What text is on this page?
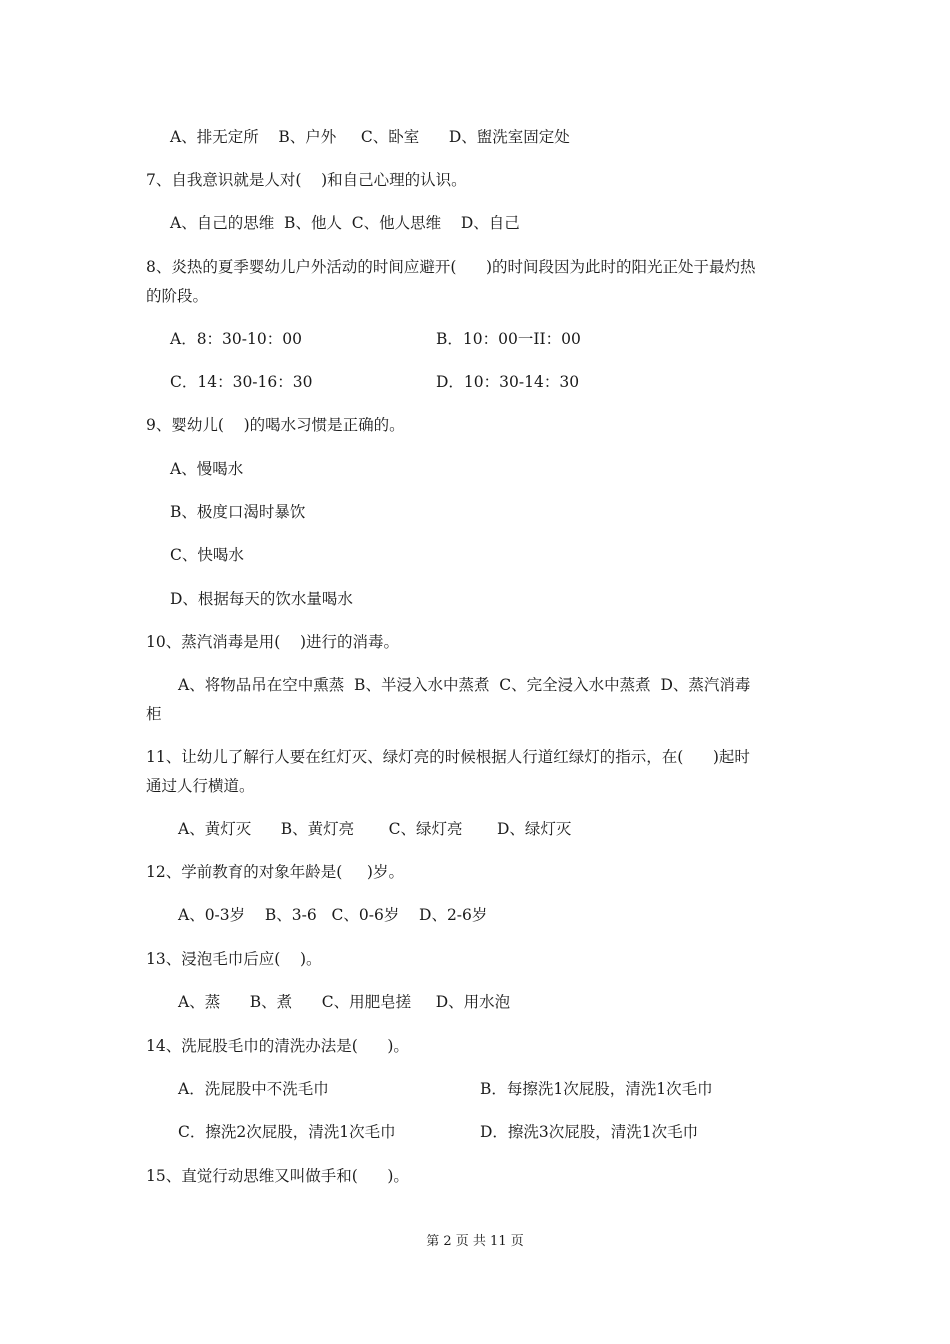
A、排无定所    B、户外     C、卧室      D、盥洗室固定处
7、自我意识就是人对(    )和自己心理的认识。
A、自己的思维  B、他人  C、他人思维    D、自己
8、炎热的夏季婴幼儿户外活动的时间应避开(      )的时间段因为此时的阳光正处于最灼热
的阶段。
A．8：30-10：00	B．10：00一II：00
C．14：30-16：30	D．10：30-14：30
9、婴幼儿(    )的喝水习惯是正确的。
A、慢喝水
B、极度口渴时暴饮
C、快喝水
D、根据每天的饮水量喝水
10、蒸汽消毒是用(    )进行的消毒。
A、将物品吊在空中熏蒸  B、半浸入水中蒸煮  C、完全浸入水中蒸煮  D、蒸汽消毒
柜
11、让幼儿了解行人要在红灯灭、绿灯亮的时候根据人行道红绿灯的指示，在(      )起时
通过人行横道。
A、黄灯灭      B、黄灯亮       C、绿灯亮       D、绿灯灭
12、学前教育的对象年龄是(     )岁。
A、0-3岁    B、3-6   C、0-6岁    D、2-6岁
13、浸泡毛巾后应(    )。
A、蒸      B、煮      C、用肥皂搓     D、用水泡
14、洗屁股毛巾的清洗办法是(      )。
A．洗屁股中不洗毛巾	B．每擦洗1次屁股，清洗1次毛巾
C．擦洗2次屁股，清洗1次毛巾	D．擦洗3次屁股，清洗1次毛巾
15、直觉行动思维又叫做手和(      )。
第 2 页 共 11 页
